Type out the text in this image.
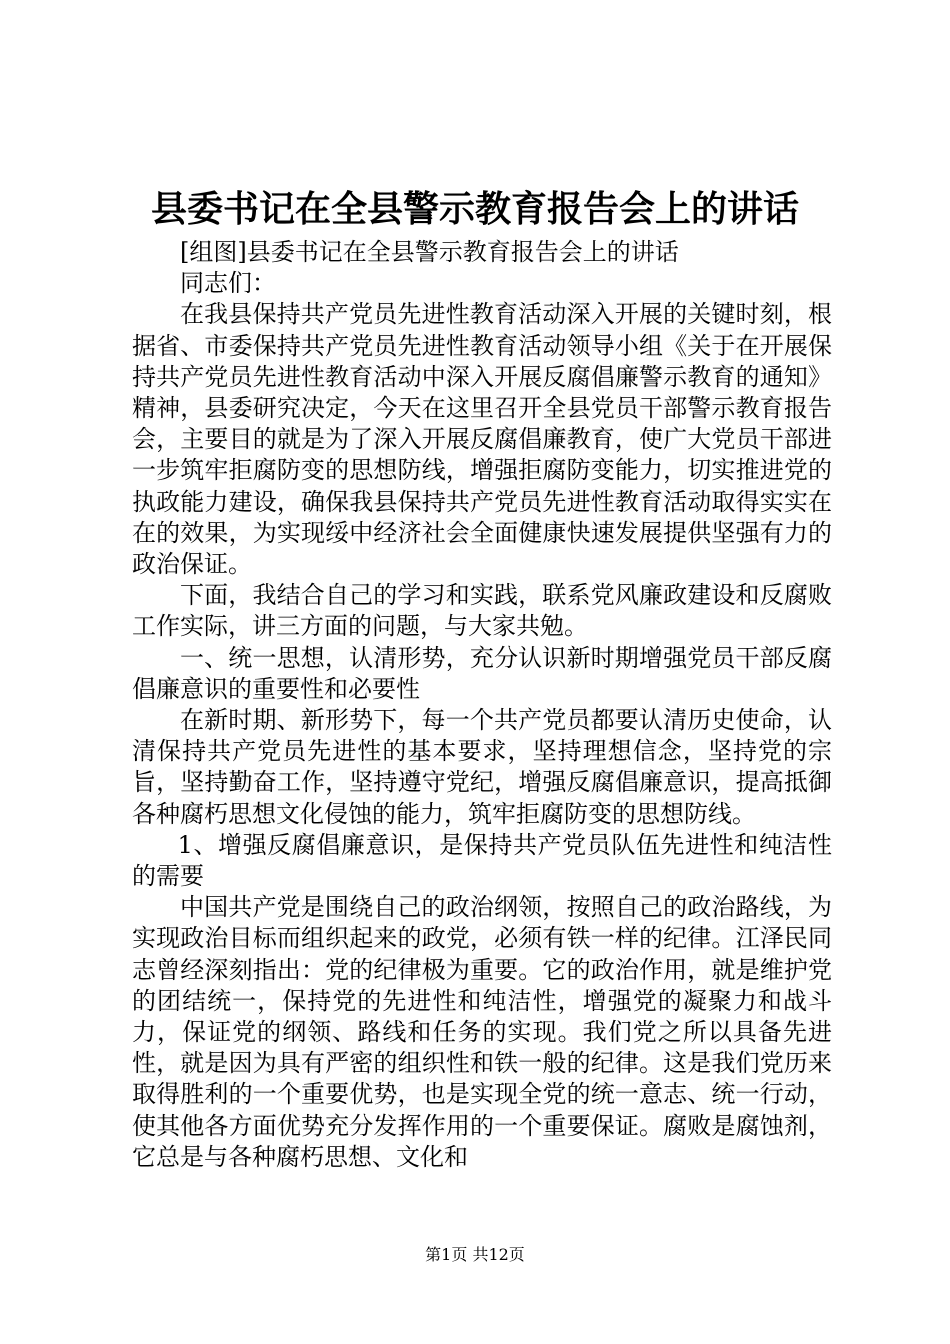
县委书记在全县警示教育报告会上的讲话

[组图]县委书记在全县警示教育报告会上的讲话

同志们：

在我县保持共产党员先进性教育活动深入开展的关键时刻，根据省、市委保持共产党员先进性教育活动领导小组《关于在开展保持共产党员先进性教育活动中深入开展反腐倡廉警示教育的通知》精神，县委研究决定，今天在这里召开全县党员干部警示教育报告会，主要目的就是为了深入开展反腐倡廉教育，使广大党员干部进一步筑牢拒腐防变的思想防线，增强拒腐防变能力，切实推进党的执政能力建设，确保我县保持共产党员先进性教育活动取得实实在在的效果，为实现绥中经济社会全面健康快速发展提供坚强有力的政治保证。

下面，我结合自己的学习和实践，联系党风廉政建设和反腐败工作实际，讲三方面的问题，与大家共勉。

一、统一思想，认清形势，充分认识新时期增强党员干部反腐倡廉意识的重要性和必要性

在新时期、新形势下，每一个共产党员都要认清历史使命，认清保持共产党员先进性的基本要求，坚持理想信念，坚持党的宗旨，坚持勤奋工作，坚持遵守党纪，增强反腐倡廉意识，提高抵御各种腐朽思想文化侵蚀的能力，筑牢拒腐防变的思想防线。

1、增强反腐倡廉意识，是保持共产党员队伍先进性和纯洁性的需要

中国共产党是围绕自己的政治纲领，按照自己的政治路线，为实现政治目标而组织起来的政党，必须有铁一样的纪律。江泽民同志曾经深刻指出：党的纪律极为重要。它的政治作用，就是维护党的团结统一，保持党的先进性和纯洁性，增强党的凝聚力和战斗力，保证党的纲领、路线和任务的实现。我们党之所以具备先进性，就是因为具有严密的组织性和铁一般的纪律。这是我们党历来取得胜利的一个重要优势，也是实现全党的统一意志、统一行动，使其他各方面优势充分发挥作用的一个重要保证。腐败是腐蚀剂，它总是与各种腐朽思想、文化和

第1页 共12页
